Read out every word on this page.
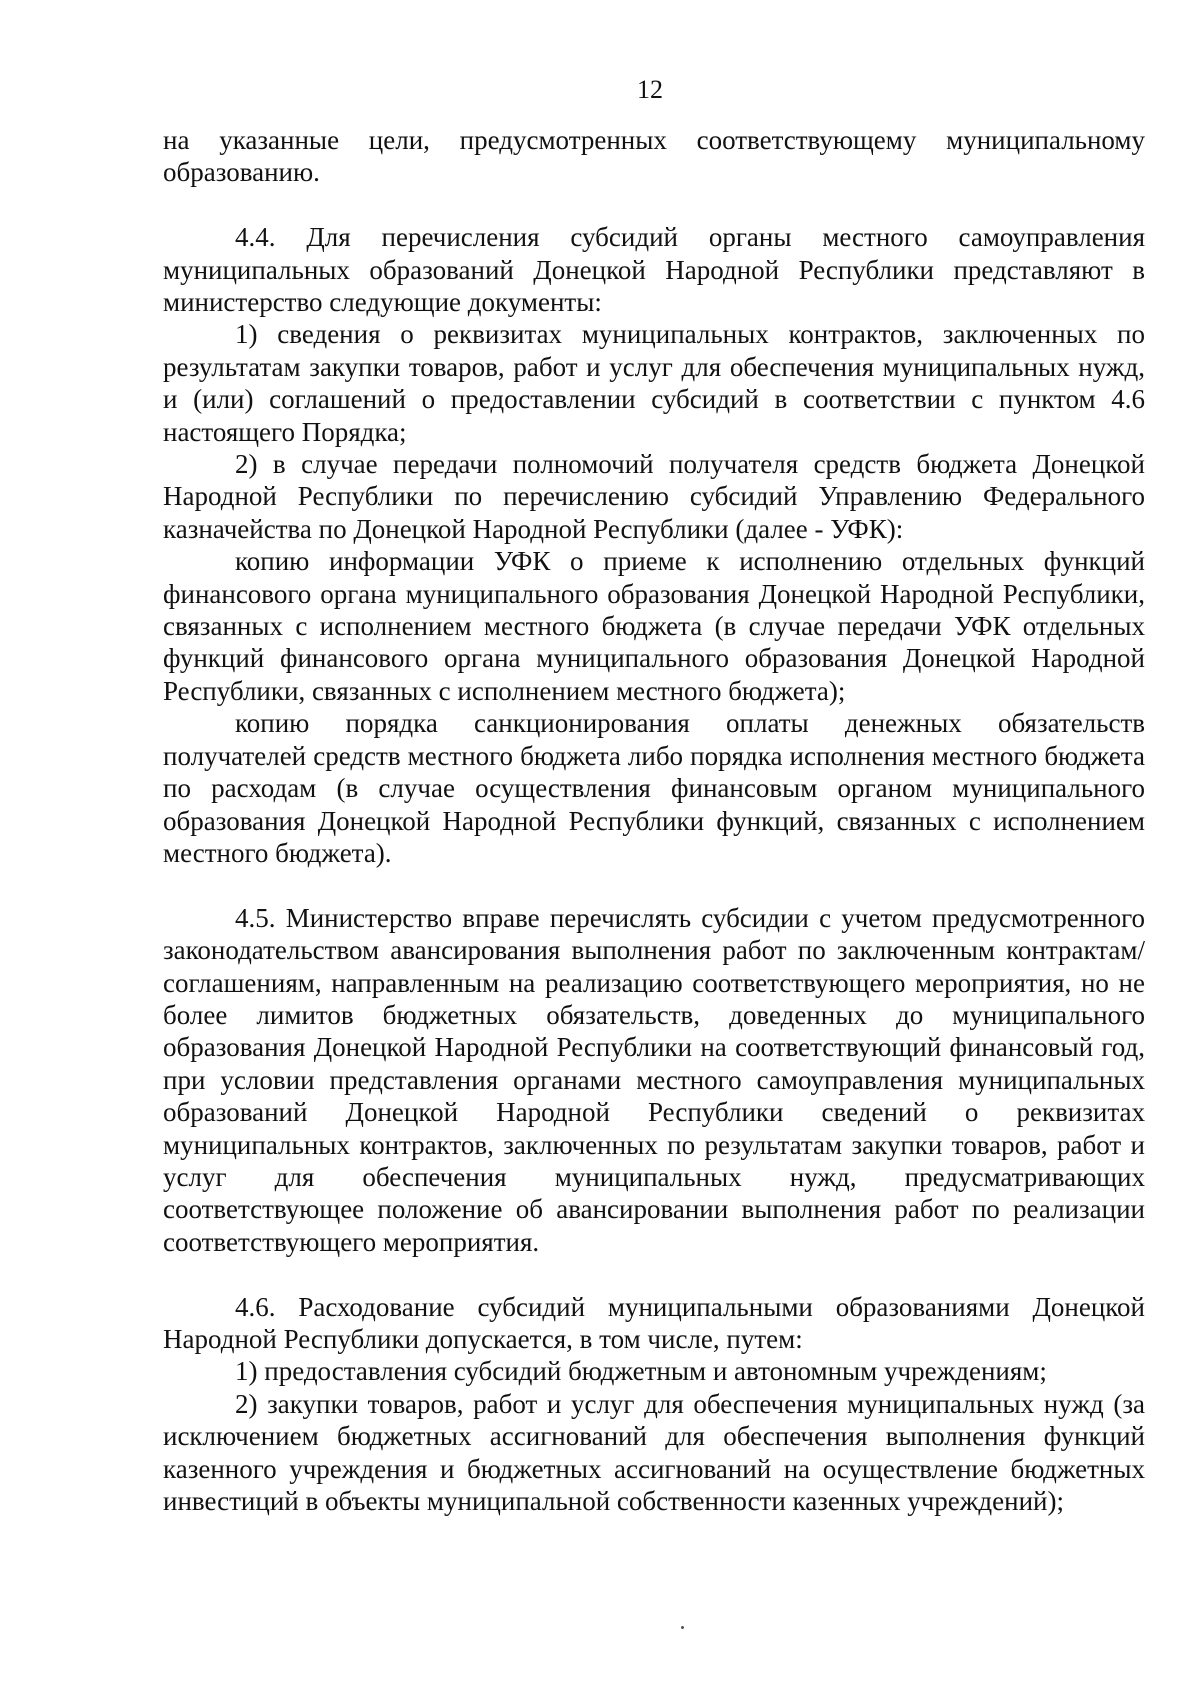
12

на указанные цели, предусмотренных соответствующему муниципальному образованию.

4.4. Для перечисления субсидий органы местного самоуправления муниципальных образований Донецкой Народной Республики представляют в министерство следующие документы:

1) сведения о реквизитах муниципальных контрактов, заключенных по результатам закупки товаров, работ и услуг для обеспечения муниципальных нужд, и (или) соглашений о предоставлении субсидий в соответствии с пунктом 4.6 настоящего Порядка;

2) в случае передачи полномочий получателя средств бюджета Донецкой Народной Республики по перечислению субсидий Управлению Федерального казначейства по Донецкой Народной Республики (далее - УФК):

копию информации УФК о приеме к исполнению отдельных функций финансового органа муниципального образования Донецкой Народной Республики, связанных с исполнением местного бюджета (в случае передачи УФК отдельных функций финансового органа муниципального образования Донецкой Народной Республики, связанных с исполнением местного бюджета);

копию порядка санкционирования оплаты денежных обязательств получателей средств местного бюджета либо порядка исполнения местного бюджета по расходам (в случае осуществления финансовым органом муниципального образования Донецкой Народной Республики функций, связанных с исполнением местного бюджета).

4.5. Министерство вправе перечислять субсидии с учетом предусмотренного законодательством авансирования выполнения работ по заключенным контрактам/соглашениям, направленным на реализацию соответствующего мероприятия, но не более лимитов бюджетных обязательств, доведенных до муниципального образования Донецкой Народной Республики на соответствующий финансовый год, при условии представления органами местного самоуправления муниципальных образований Донецкой Народной Республики сведений о реквизитах муниципальных контрактов, заключенных по результатам закупки товаров, работ и услуг для обеспечения муниципальных нужд, предусматривающих соответствующее положение об авансировании выполнения работ по реализации соответствующего мероприятия.

4.6. Расходование субсидий муниципальными образованиями Донецкой Народной Республики допускается, в том числе, путем:

1) предоставления субсидий бюджетным и автономным учреждениям;

2) закупки товаров, работ и услуг для обеспечения муниципальных нужд (за исключением бюджетных ассигнований для обеспечения выполнения функций казенного учреждения и бюджетных ассигнований на осуществление бюджетных инвестиций в объекты муниципальной собственности казенных учреждений);
